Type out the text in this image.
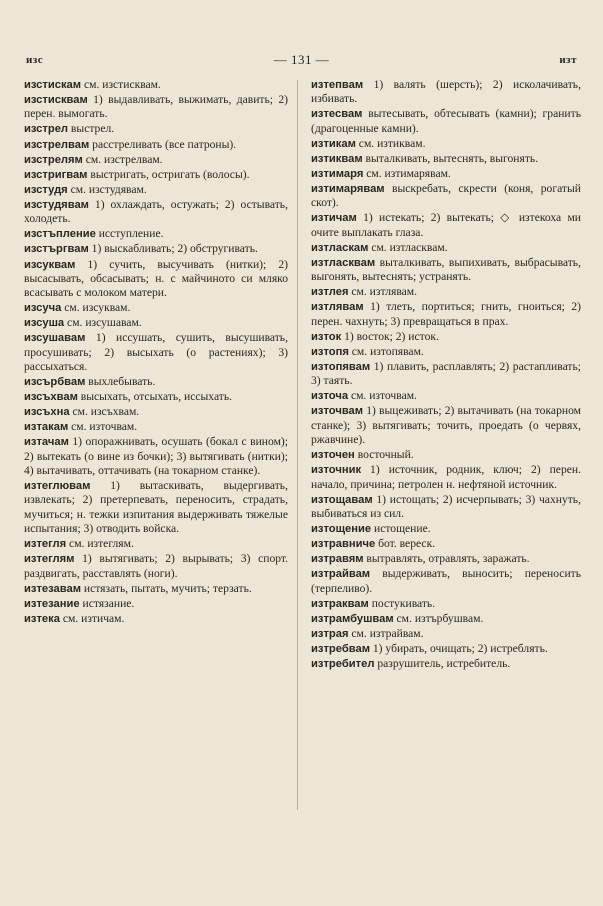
изс	— 131 —	изт

изстискам см. изстисквам.

изстисквам 1) выдавливать, выжимать, давить; 2) перен. вымогать.

изстрел выстрел.

изстрелвам расстреливать (все патроны).

изстрелям см. изстрелвам.

изстригвам выстригать, остригать (волосы).

изстудя см. изстудявам.

изстудявам 1) охлаждать, остужать; 2) остывать, холодеть.

изстъпление исступление.

изстъргвам 1) выскабливать; 2) обстругивать.

изсуквам 1) сучить, высучивать (нитки); 2) высасывать, обсасывать; н. с майчиното си мляко всасывать с молоком матери.

изсуча см. изсуквам.

изсуша см. изсушавам.

изсушавам 1) иссушать, сушить, высушивать, просушивать; 2) высыхать (о растениях); 3) рассыхаться.

изсърбвам выхлебывать.

изсъхвам высыхать, отсыхать, иссыхать.

изсъхна см. изсъхвам.

изтакам см. източвам.

изтачам 1) опоражнивать, осушать (бокал с вином); 2) вытекать (о вине из бочки); 3) вытягивать (нитки); 4) вытачивать, оттачивать (на токарном станке).

изтеглювам 1) вытаскивать, выдергивать, извлекать; 2) претерпевать, переносить, страдать, мучиться; н. тежки изпитания выдерживать тяжелые испытания; 3) отводить войска.

изтегля см. изтеглям.

изтеглям 1) вытягивать; 2) вырывать; 3) спорт. раздвигать, расставлять (ноги).

изтезавам истязать, пытать, мучить; терзать.

изтезание истязание.

изтека см. изтичам.

изтепвам 1) валять (шерсть); 2) исколачивать, избивать.

изтесвам вытесывать, обтесывать (камни); гранить (драгоценные камни).

изтикам см. изтиквам.

изтиквам выталкивать, вытеснять, выгонять.

изтимаря см. изтимарявам.

изтимарявам выскребать, скрести (коня, рогатый скот).

изтичам 1) истекать; 2) вытекать; ◇ изтекоха ми очите выплакать глаза.

изтласкам см. изтласквам.

изтласквам выталкивать, выпихивать, выбрасывать, выгонять, вытеснять; устранять.

изтлея см. изтлявам.

изтлявам 1) тлеть, портиться; гнить, гноиться; 2) перен. чахнуть; 3) превращаться в прах.

изток 1) восток; 2) исток.

изтопя см. изтопявам.

изтопявам 1) плавить, расплавлять; 2) растапливать; 3) таять.

източа см. източвам.

източвам 1) выцеживать; 2) вытачивать (на токарном станке); 3) вытягивать; точить, проедать (о червях, ржавчине).

източен восточный.

източник 1) источник, родник, ключ; 2) перен. начало, причина; петролен н. нефтяной источник.

изтощавам 1) истощать; 2) исчерпывать; 3) чахнуть, выбиваться из сил.

изтощение истощение.

изтравниче бот. вереск.

изтравям вытравлять, отравлять, заражать.

изтрайвам выдерживать, выносить; переносить (терпеливо).

изтраквам постукивать.

изтрамбушвам см. изтърбушвам.

изтрая см. изтрайвам.

изтребвам 1) убирать, очищать; 2) истреблять.

изтребител разрушитель, истребитель.
